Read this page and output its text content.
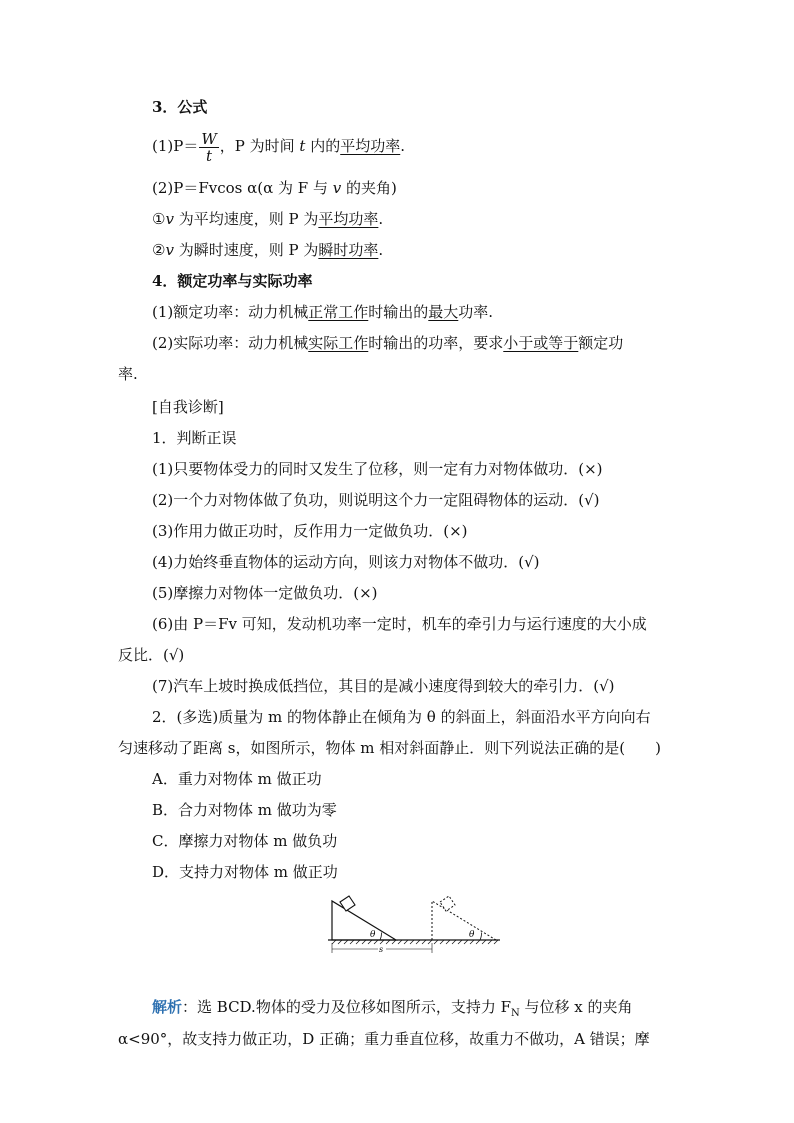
3．公式
$(1)P= \frac{W}{t}$ ，P 为时间 t 内的平均功率.
(2)P＝Fvcos α(α 为 F 与 v 的夹角)
①v 为平均速度，则 P 为平均功率.
②v 为瞬时速度，则 P 为瞬时功率.
4．额定功率与实际功率
(1)额定功率：动力机械正常工作时输出的最大功率.
(2)实际功率：动力机械实际工作时输出的功率，要求小于或等于额定功
率.
[自我诊断]
1．判断正误
(1)只要物体受力的同时又发生了位移，则一定有力对物体做功．(×)
(2)一个力对物体做了负功，则说明这个力一定阻碍物体的运动．(√)
(3)作用力做正功时，反作用力一定做负功．(×)
(4)力始终垂直物体的运动方向，则该力对物体不做功．(√)
(5)摩擦力对物体一定做负功．(×)
(6)由 P＝Fv 可知，发动机功率一定时，机车的牵引力与运行速度的大小成
反比．(√)
(7)汽车上坡时换成低挡位，其目的是减小速度得到较大的牵引力．(√)
2．(多选)质量为 m 的物体静止在倾角为 θ 的斜面上，斜面沿水平方向向右
匀速移动了距离 s，如图所示，物体 m 相对斜面静止．则下列说法正确的是(　　)
A．重力对物体 m 做正功
B．合力对物体 m 做功为零
C．摩擦力对物体 m 做负功
D．支持力对物体 m 做正功
θ	θ
s
解析：选 BCD.物体的受力及位移如图所示，支持力 $F_N$ 与位移 x 的夹角
α<90°，故支持力做正功，D 正确；重力垂直位移，故重力不做功，A 错误；摩
